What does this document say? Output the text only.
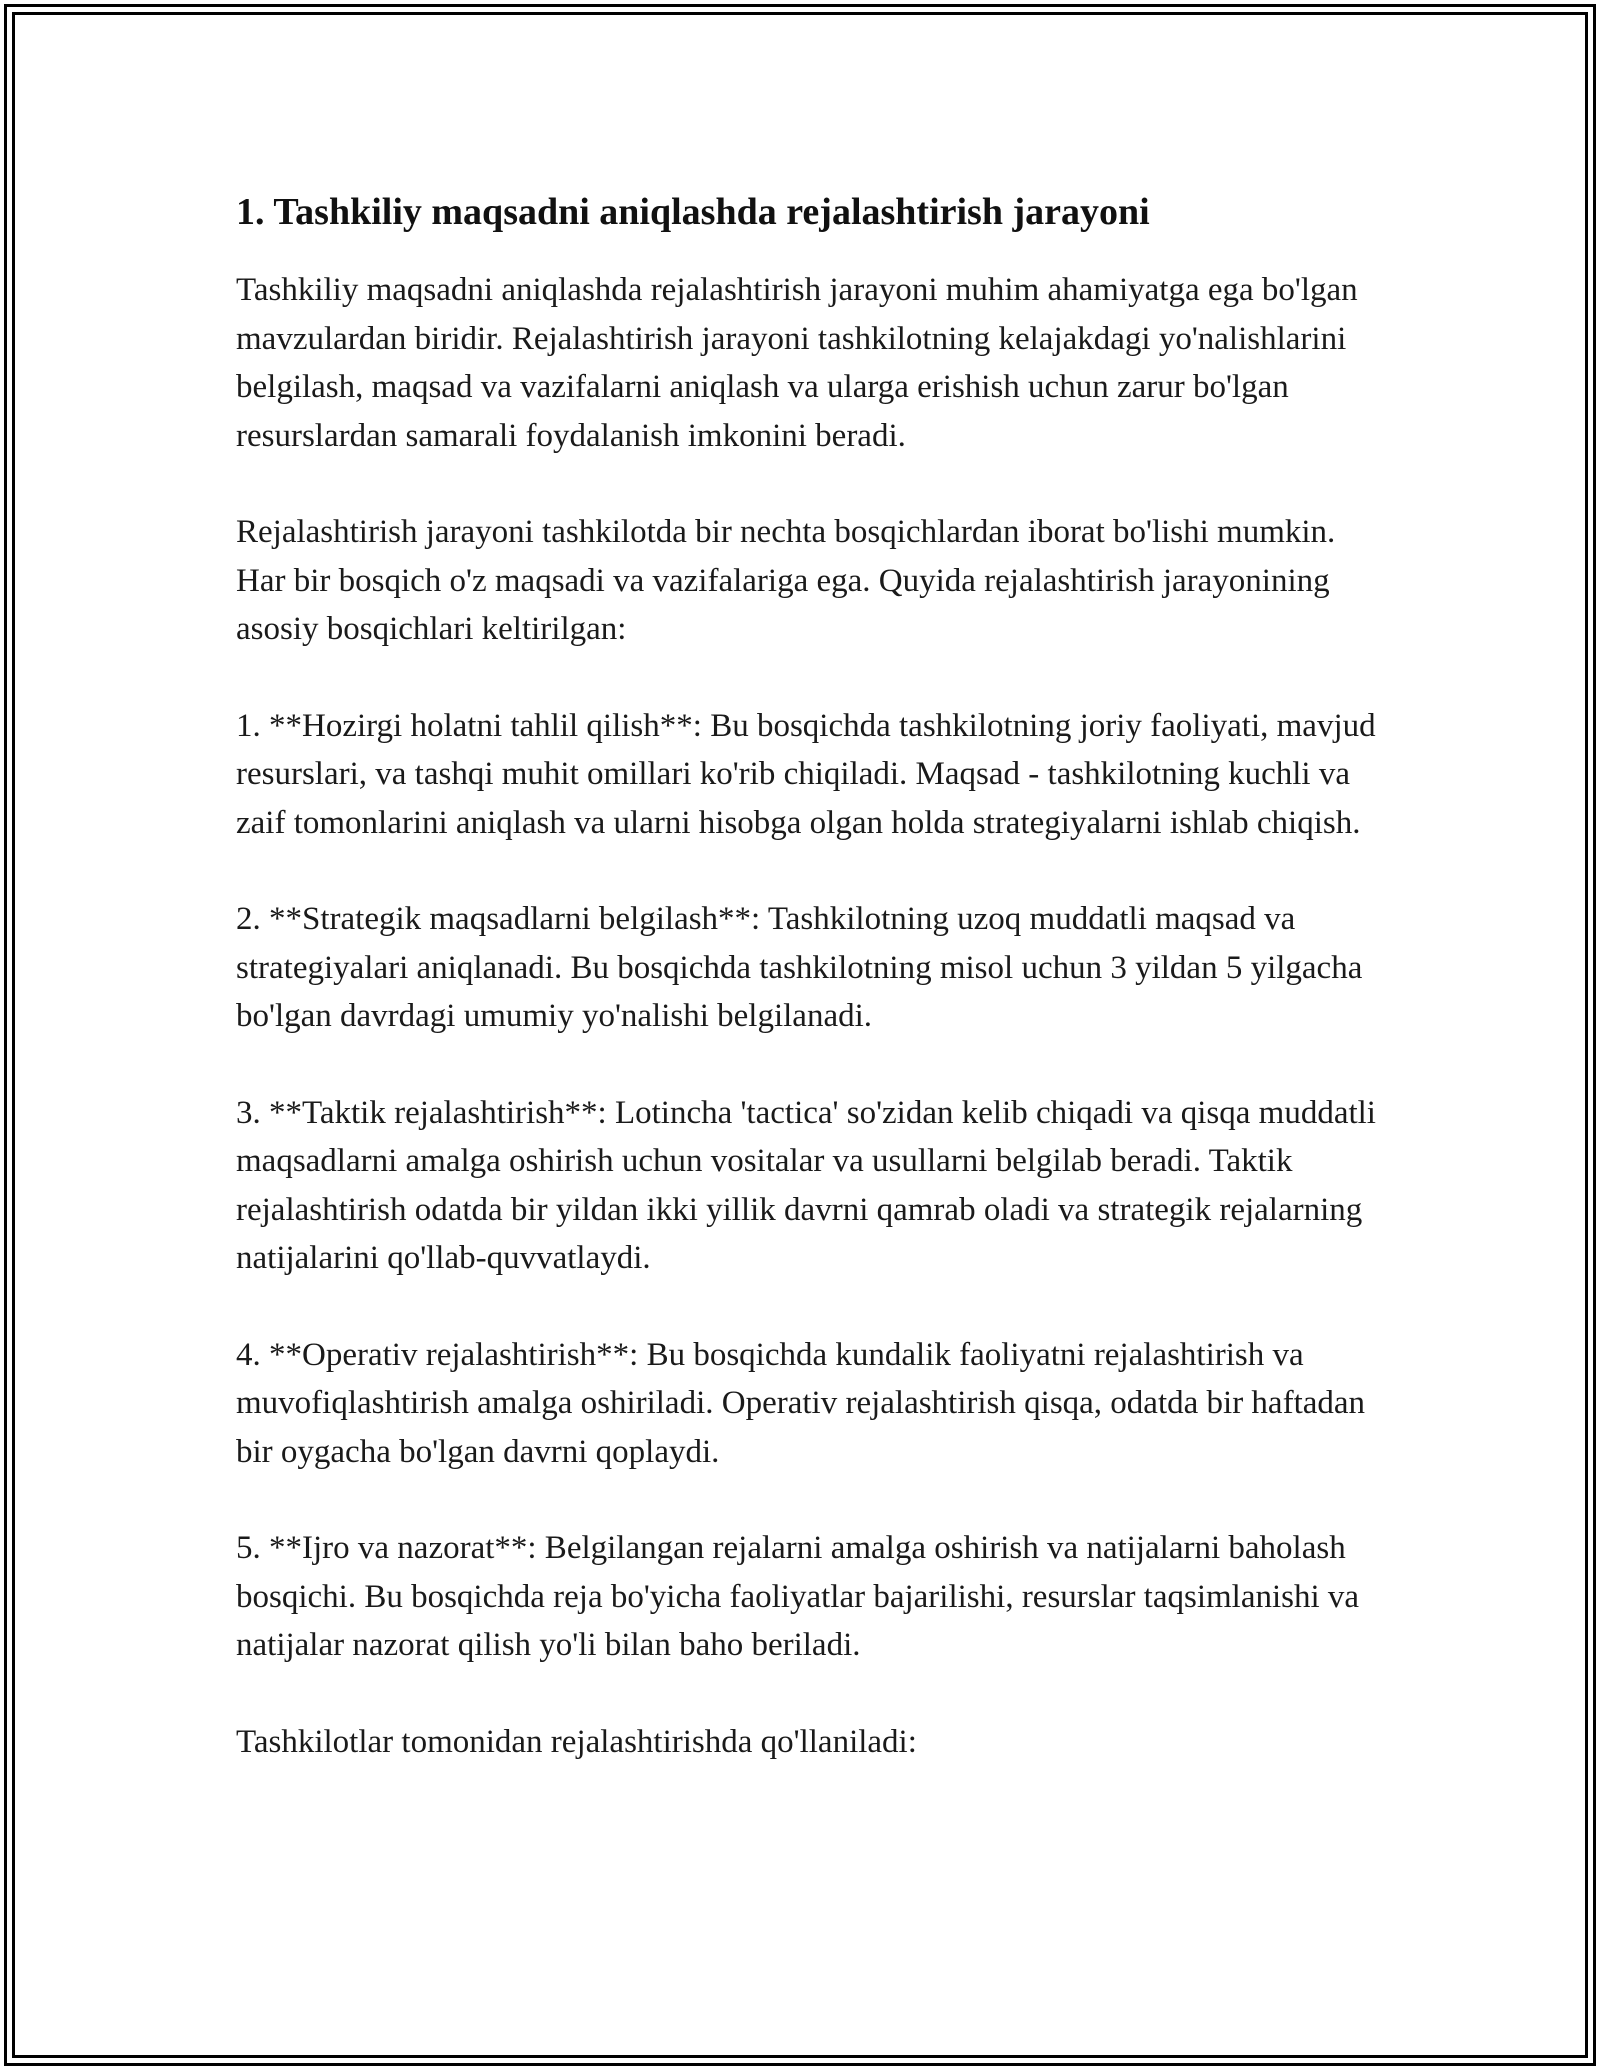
1. Tashkiliy maqsadni aniqlashda rejalashtirish jarayoni

Tashkiliy maqsadni aniqlashda rejalashtirish jarayoni muhim ahamiyatga ega bo'lgan mavzulardan biridir. Rejalashtirish jarayoni tashkilotning kelajakdagi yo'nalishlarini belgilash, maqsad va vazifalarni aniqlash va ularga erishish uchun zarur bo'lgan resurslardan samarali foydalanish imkonini beradi.

Rejalashtirish jarayoni tashkilotda bir nechta bosqichlardan iborat bo'lishi mumkin. Har bir bosqich o'z maqsadi va vazifalariga ega. Quyida rejalashtirish jarayonining asosiy bosqichlari keltirilgan:

1. **Hozirgi holatni tahlil qilish**: Bu bosqichda tashkilotning joriy faoliyati, mavjud resurslari, va tashqi muhit omillari ko'rib chiqiladi. Maqsad - tashkilotning kuchli va zaif tomonlarini aniqlash va ularni hisobga olgan holda strategiyalarni ishlab chiqish.

2. **Strategik maqsadlarni belgilash**: Tashkilotning uzoq muddatli maqsad va strategiyalari aniqlanadi. Bu bosqichda tashkilotning misol uchun 3 yildan 5 yilgacha bo'lgan davrdagi umumiy yo'nalishi belgilanadi.

3. **Taktik rejalashtirish**: Lotincha 'tactica' so'zidan kelib chiqadi va qisqa muddatli maqsadlarni amalga oshirish uchun vositalar va usullarni belgilab beradi. Taktik rejalashtirish odatda bir yildan ikki yillik davrni qamrab oladi va strategik rejalarning natijalarini qo'llab-quvvatlaydi.

4. **Operativ rejalashtirish**: Bu bosqichda kundalik faoliyatni rejalashtirish va muvofiqlashtirish amalga oshiriladi. Operativ rejalashtirish qisqa, odatda bir haftadan bir oygacha bo'lgan davrni qoplaydi.

5. **Ijro va nazorat**: Belgilangan rejalarni amalga oshirish va natijalarni baholash bosqichi. Bu bosqichda reja bo'yicha faoliyatlar bajarilishi, resurslar taqsimlanishi va natijalar nazorat qilish yo'li bilan baho beriladi.

Tashkilotlar tomonidan rejalashtirishda qo'llaniladi:
